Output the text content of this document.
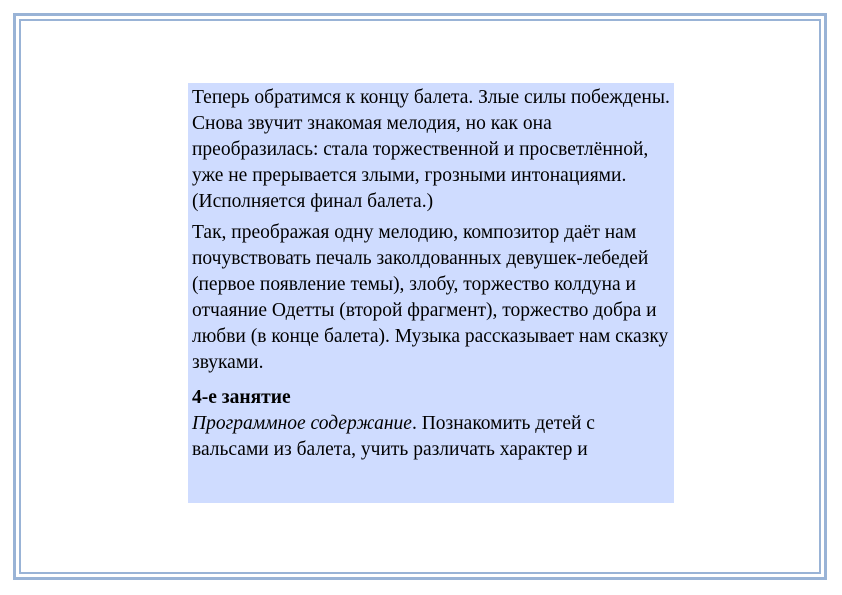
Теперь обратимся к концу балета. Злые силы побеждены. Снова звучит знакомая мелодия, но как она преобразилась: стала торжественной и просветлённой, уже не прерывается злыми, грозными интонациями. (Исполняется финал балета.)

Так, преображая одну мелодию, композитор даёт нам почувствовать печаль заколдованных девушек-лебедей (первое появление темы), злобу, торжество колдуна и отчаяние Одетты (второй фрагмент), торжество добра и любви (в конце балета). Музыка рассказывает нам сказку звуками.

4-е занятие

Программное содержание. Познакомить детей с вальсами из балета, учить различать характер и
